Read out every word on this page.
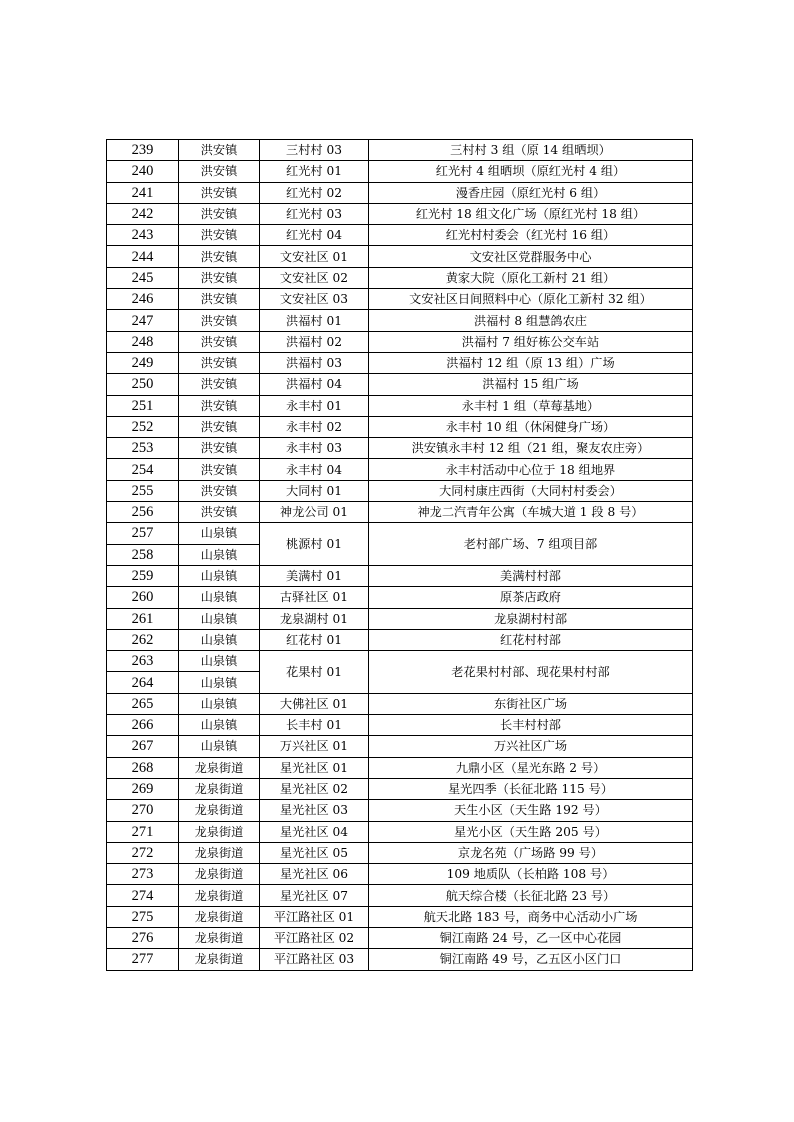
239	洪安镇	三村村 03	三村村 3 组（原 14 组晒坝）
240	洪安镇	红光村 01	红光村 4 组晒坝（原红光村 4 组）
241	洪安镇	红光村 02	漫香庄园（原红光村 6 组）
242	洪安镇	红光村 03	红光村 18 组文化广场（原红光村 18 组）
243	洪安镇	红光村 04	红光村村委会（红光村 16 组）
244	洪安镇	文安社区 01	文安社区党群服务中心
245	洪安镇	文安社区 02	黄家大院（原化工新村 21 组）
246	洪安镇	文安社区 03	文安社区日间照料中心（原化工新村 32 组）
247	洪安镇	洪福村 01	洪福村 8 组慧鸽农庄
248	洪安镇	洪福村 02	洪福村 7 组好栋公交车站
249	洪安镇	洪福村 03	洪福村 12 组（原 13 组）广场
250	洪安镇	洪福村 04	洪福村 15 组广场
251	洪安镇	永丰村 01	永丰村 1 组（草莓基地）
252	洪安镇	永丰村 02	永丰村 10 组（休闲健身广场）
253	洪安镇	永丰村 03	洪安镇永丰村 12 组（21 组，聚友农庄旁）
254	洪安镇	永丰村 04	永丰村活动中心位于 18 组地界
255	洪安镇	大同村 01	大同村康庄西街（大同村村委会）
256	洪安镇	神龙公司 01	神龙二汽青年公寓（车城大道 1 段 8 号）
257	山泉镇	桃源村 01	老村部广场、7 组项目部
258	山泉镇		
259	山泉镇	美满村 01	美满村村部
260	山泉镇	古驿社区 01	原茶店政府
261	山泉镇	龙泉湖村 01	龙泉湖村村部
262	山泉镇	红花村 01	红花村村部
263	山泉镇	花果村 01	老花果村村部、现花果村村部
264	山泉镇		
265	山泉镇	大佛社区 01	东街社区广场
266	山泉镇	长丰村 01	长丰村村部
267	山泉镇	万兴社区 01	万兴社区广场
268	龙泉街道	星光社区 01	九鼎小区（星光东路 2 号）
269	龙泉街道	星光社区 02	星光四季（长征北路 115 号）
270	龙泉街道	星光社区 03	天生小区（天生路 192 号）
271	龙泉街道	星光社区 04	星光小区（天生路 205 号）
272	龙泉街道	星光社区 05	京龙名苑（广场路 99 号）
273	龙泉街道	星光社区 06	109 地质队（长柏路 108 号）
274	龙泉街道	星光社区 07	航天综合楼（长征北路 23 号）
275	龙泉街道	平江路社区 01	航天北路 183 号，商务中心活动小广场
276	龙泉街道	平江路社区 02	铜江南路 24 号，乙一区中心花园
277	龙泉街道	平江路社区 03	铜江南路 49 号，乙五区小区门口
